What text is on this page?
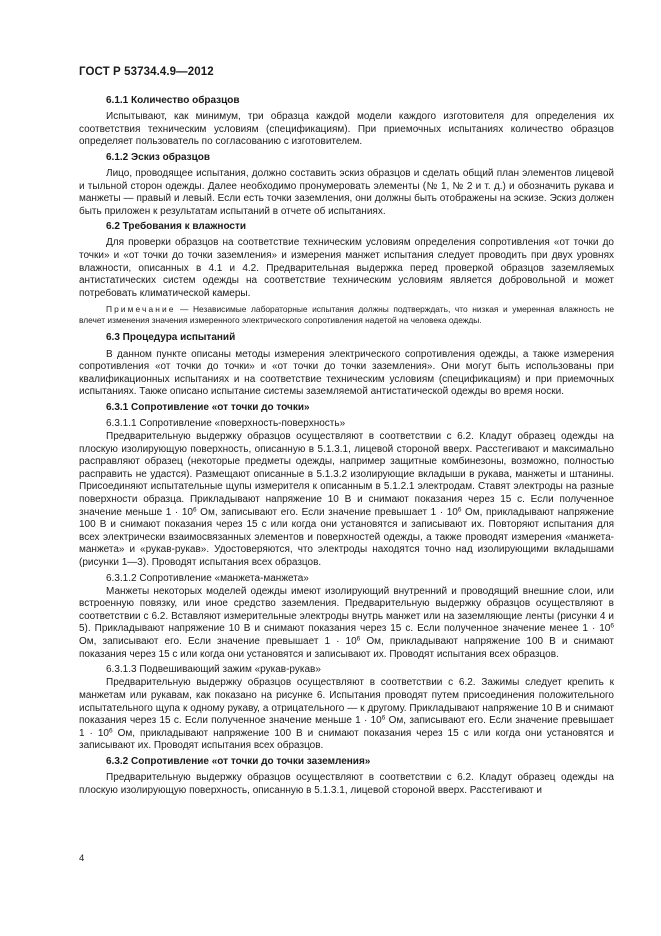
ГОСТ Р 53734.4.9—2012
6.1.1 Количество образцов

Испытывают, как минимум, три образца каждой модели каждого изготовителя для определения их соответствия техническим условиям (спецификациям). При приемочных испытаниях количество образцов определяет пользователь по согласованию с изготовителем.

6.1.2 Эскиз образцов

Лицо, проводящее испытания, должно составить эскиз образцов и сделать общий план элементов лицевой и тыльной сторон одежды. Далее необходимо пронумеровать элементы (№ 1, № 2 и т. д.) и обозначить рукава и манжеты — правый и левый. Если есть точки заземления, они должны быть отображены на эскизе. Эскиз должен быть приложен к результатам испытаний в отчете об испытаниях.

6.2 Требования к влажности

Для проверки образцов на соответствие техническим условиям определения сопротивления «от точки до точки» и «от точки до точки заземления» и измерения манжет испытания следует проводить при двух уровнях влажности, описанных в 4.1 и 4.2. Предварительная выдержка перед проверкой образцов заземляемых антистатических систем одежды на соответствие техническим условиям является добровольной и может потребовать климатической камеры.

Примечание — Независимые лабораторные испытания должны подтверждать, что низкая и умеренная влажность не влечет изменения значения измеренного электрического сопротивления надетой на человека одежды.

6.3 Процедура испытаний

В данном пункте описаны методы измерения электрического сопротивления одежды, а также измерения сопротивления «от точки до точки» и «от точки до точки заземления». Они могут быть использованы при квалификационных испытаниях и на соответствие техническим условиям (спецификациям) и при приемочных испытаниях. Также описано испытание системы заземляемой антистатической одежды во время носки.

6.3.1 Сопротивление «от точки до точки»
6.3.1.1 Сопротивление «поверхность-поверхность»

Предварительную выдержку образцов осуществляют в соответствии с 6.2. Кладут образец одежды на плоскую изолирующую поверхность, описанную в 5.1.3.1, лицевой стороной вверх. Расстегивают и максимально расправляют образец (некоторые предметы одежды, например защитные комбинезоны, возможно, полностью расправить не удастся). Размещают описанные в 5.1.3.2 изолирующие вкладыши в рукава, манжеты и штанины. Присоединяют испытательные щупы измерителя к описанным в 5.1.2.1 электродам. Ставят электроды на разные поверхности образца. Прикладывают напряжение 10 В и снимают показания через 15 с. Если полученное значение меньше $1 \cdot 10^6$ Ом, записывают его. Если значение превышает $1 \cdot 10^6$ Ом, прикладывают напряжение 100 В и снимают показания через 15 с или когда они установятся и записывают их. Повторяют испытания для всех электрически взаимосвязанных элементов и поверхностей одежды, а также проводят измерения «манжета-манжета» и «рукав-рукав». Удостоверяются, что электроды находятся точно над изолирующими вкладышами (рисунки 1—3). Проводят испытания всех образцов.

6.3.1.2 Сопротивление «манжета-манжета»

Манжеты некоторых моделей одежды имеют изолирующий внутренний и проводящий внешние слои, или встроенную повязку, или иное средство заземления. Предварительную выдержку образцов осуществляют в соответствии с 6.2. Вставляют измерительные электроды внутрь манжет или на заземляющие ленты (рисунки 4 и 5). Прикладывают напряжение 10 В и снимают показания через 15 с. Если полученное значение менее $1 \cdot 10^6$ Ом, записывают его. Если значение превышает $1 \cdot 10^6$ Ом, прикладывают напряжение 100 В и снимают показания через 15 с или когда они установятся и записывают их. Проводят испытания всех образцов.

6.3.1.3 Подвешивающий зажим «рукав-рукав»

Предварительную выдержку образцов осуществляют в соответствии с 6.2. Зажимы следует крепить к манжетам или рукавам, как показано на рисунке 6. Испытания проводят путем присоединения положительного испытательного щупа к одному рукаву, а отрицательного — к другому. Прикладывают напряжение 10 В и снимают показания через 15 с. Если полученное значение меньше $1 \cdot 10^6$ Ом, записывают его. Если значение превышает $1 \cdot 10^6$ Ом, прикладывают напряжение 100 В и снимают показания через 15 с или когда они установятся и записывают их. Проводят испытания всех образцов.

6.3.2 Сопротивление «от точки до точки заземления»

Предварительную выдержку образцов осуществляют в соответствии с 6.2. Кладут образец одежды на плоскую изолирующую поверхность, описанную в 5.1.3.1, лицевой стороной вверх. Расстегивают и

4
